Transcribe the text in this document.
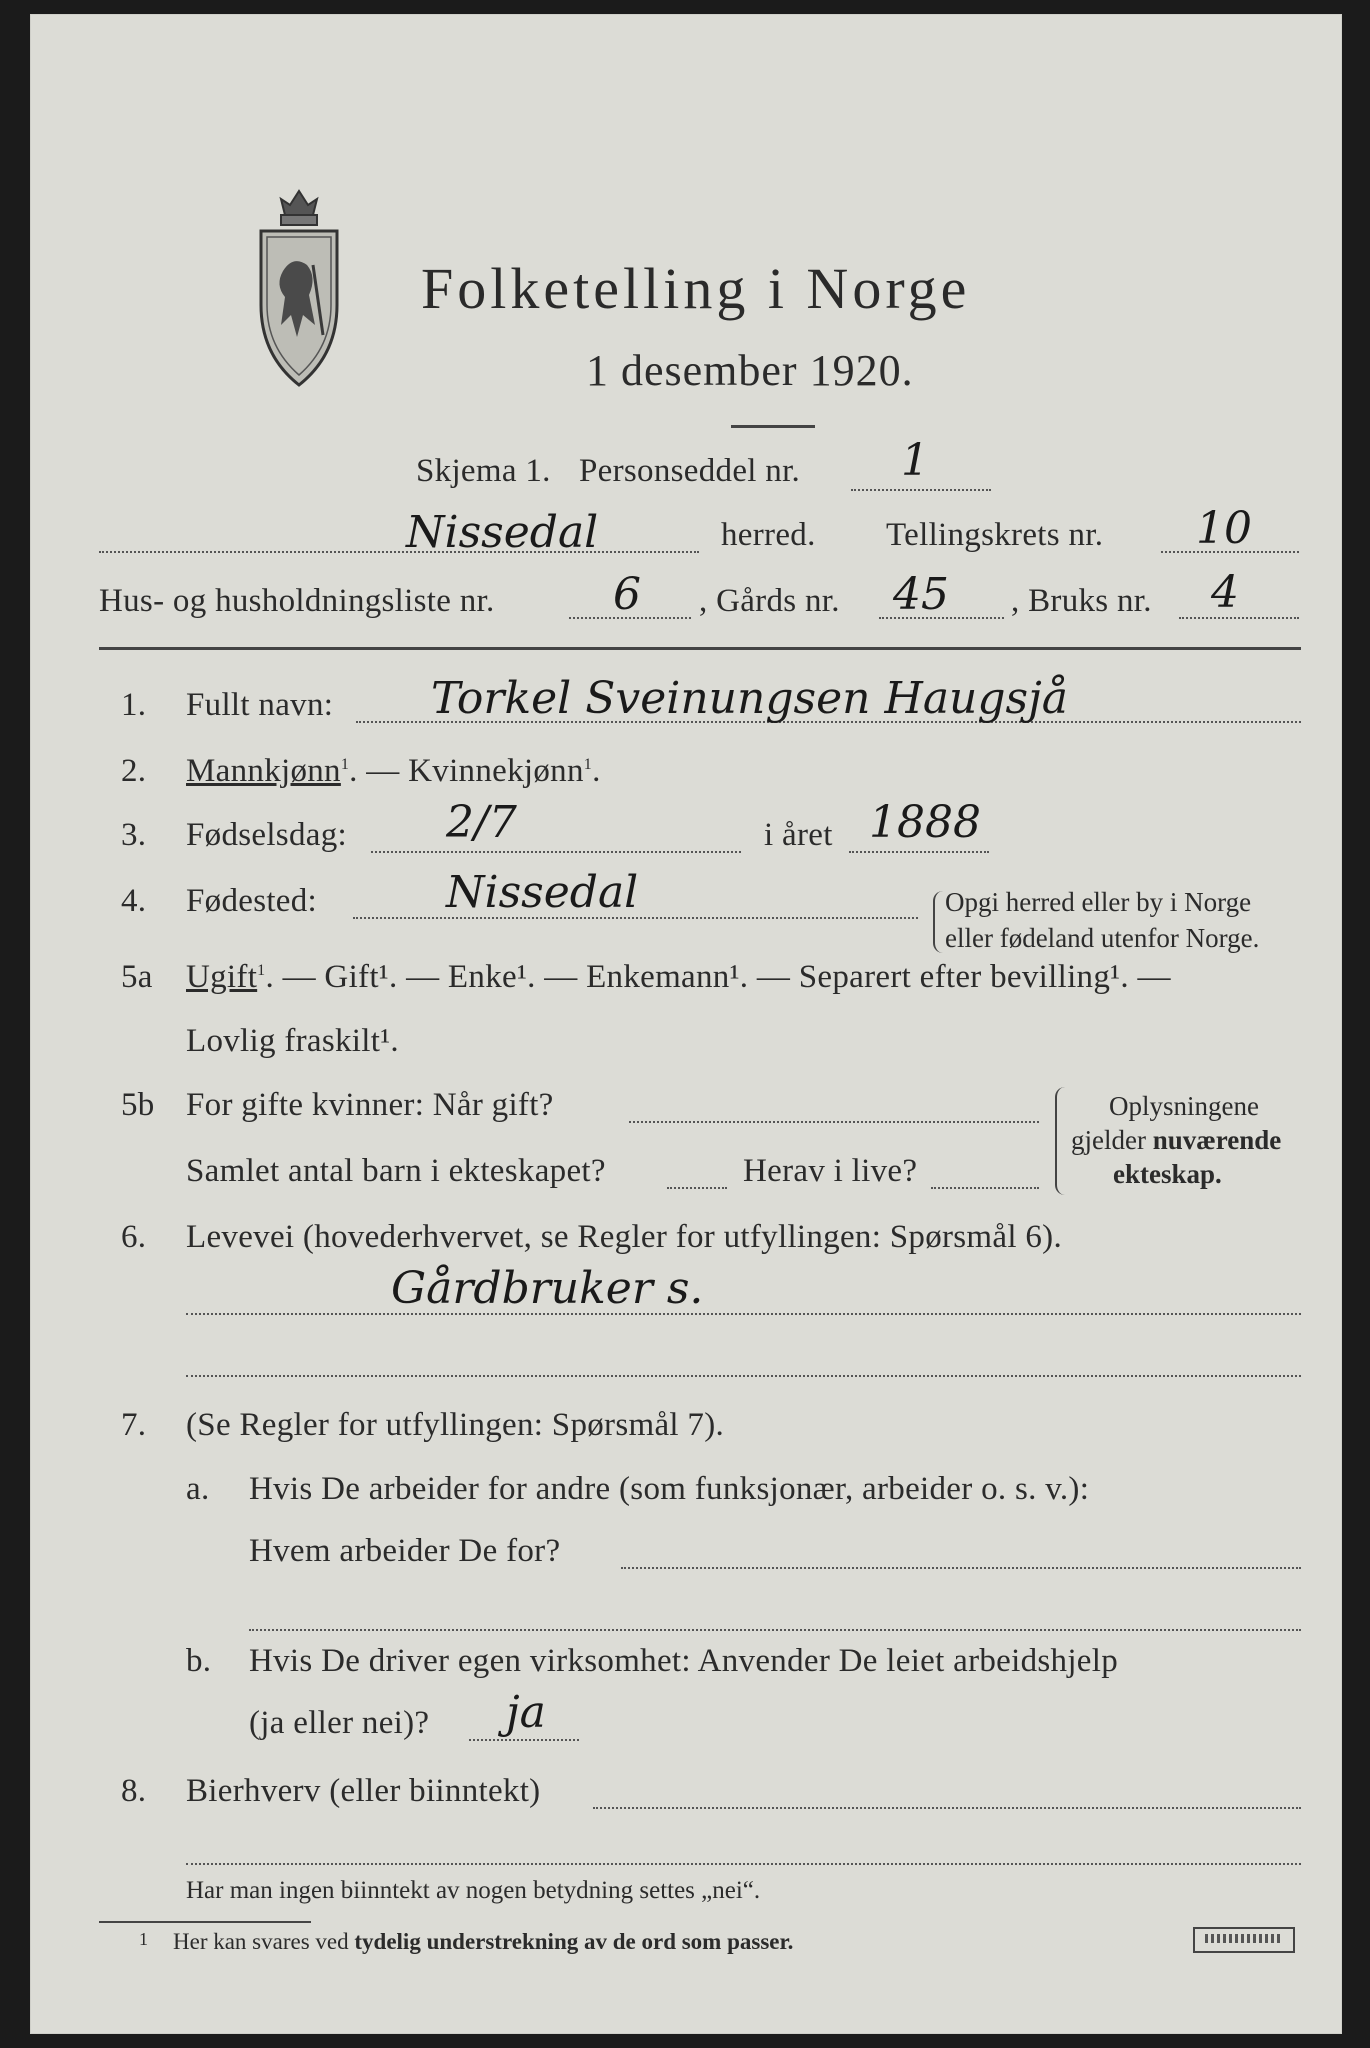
Folketelling i Norge
1 desember 1920.
Skjema 1. Personseddel nr. 1
Nissedal	herred. Tellingskrets nr. 10
Hus- og husholdningsliste nr.	6 , Gårds nr. 45 , Bruks nr. 4
1. Fullt navn: Torkel Sveinungsen Haugsjå
2. Mannkjønn$^1$. — Kvinnekjønn$^1$.
3. Fødselsdag: 2/7	i året 1888
4. Fødested:	Nissedal	Opgi herred eller by i Norge
eller fødeland utenfor Norge.
5a Ugift$^1$. — Gift¹. — Enke¹. — Enkemann¹. — Separert efter bevilling¹. —
Lovlig fraskilt¹.
5b For gifte kvinner: Når gift?
Samlet antal barn i ekteskapet?	Herav i live?
Oplysningene
gjelder nuværende
ekteskap.
6. Levevei (hovederhvervet, se Regler for utfyllingen: Spørsmål 6).
Gårdbruker s.
7. (Se Regler for utfyllingen: Spørsmål 7).
a. Hvis De arbeider for andre (som funksjonær, arbeider o. s. v.):
Hvem arbeider De for?
b. Hvis De driver egen virksomhet: Anvender De leiet arbeidshjelp
(ja eller nei)? ja
8. Bierhverv (eller biinntekt)
Har man ingen biinntekt av nogen betydning settes „nei“.
1 Her kan svares ved tydelig understrekning av de ord som passer.
